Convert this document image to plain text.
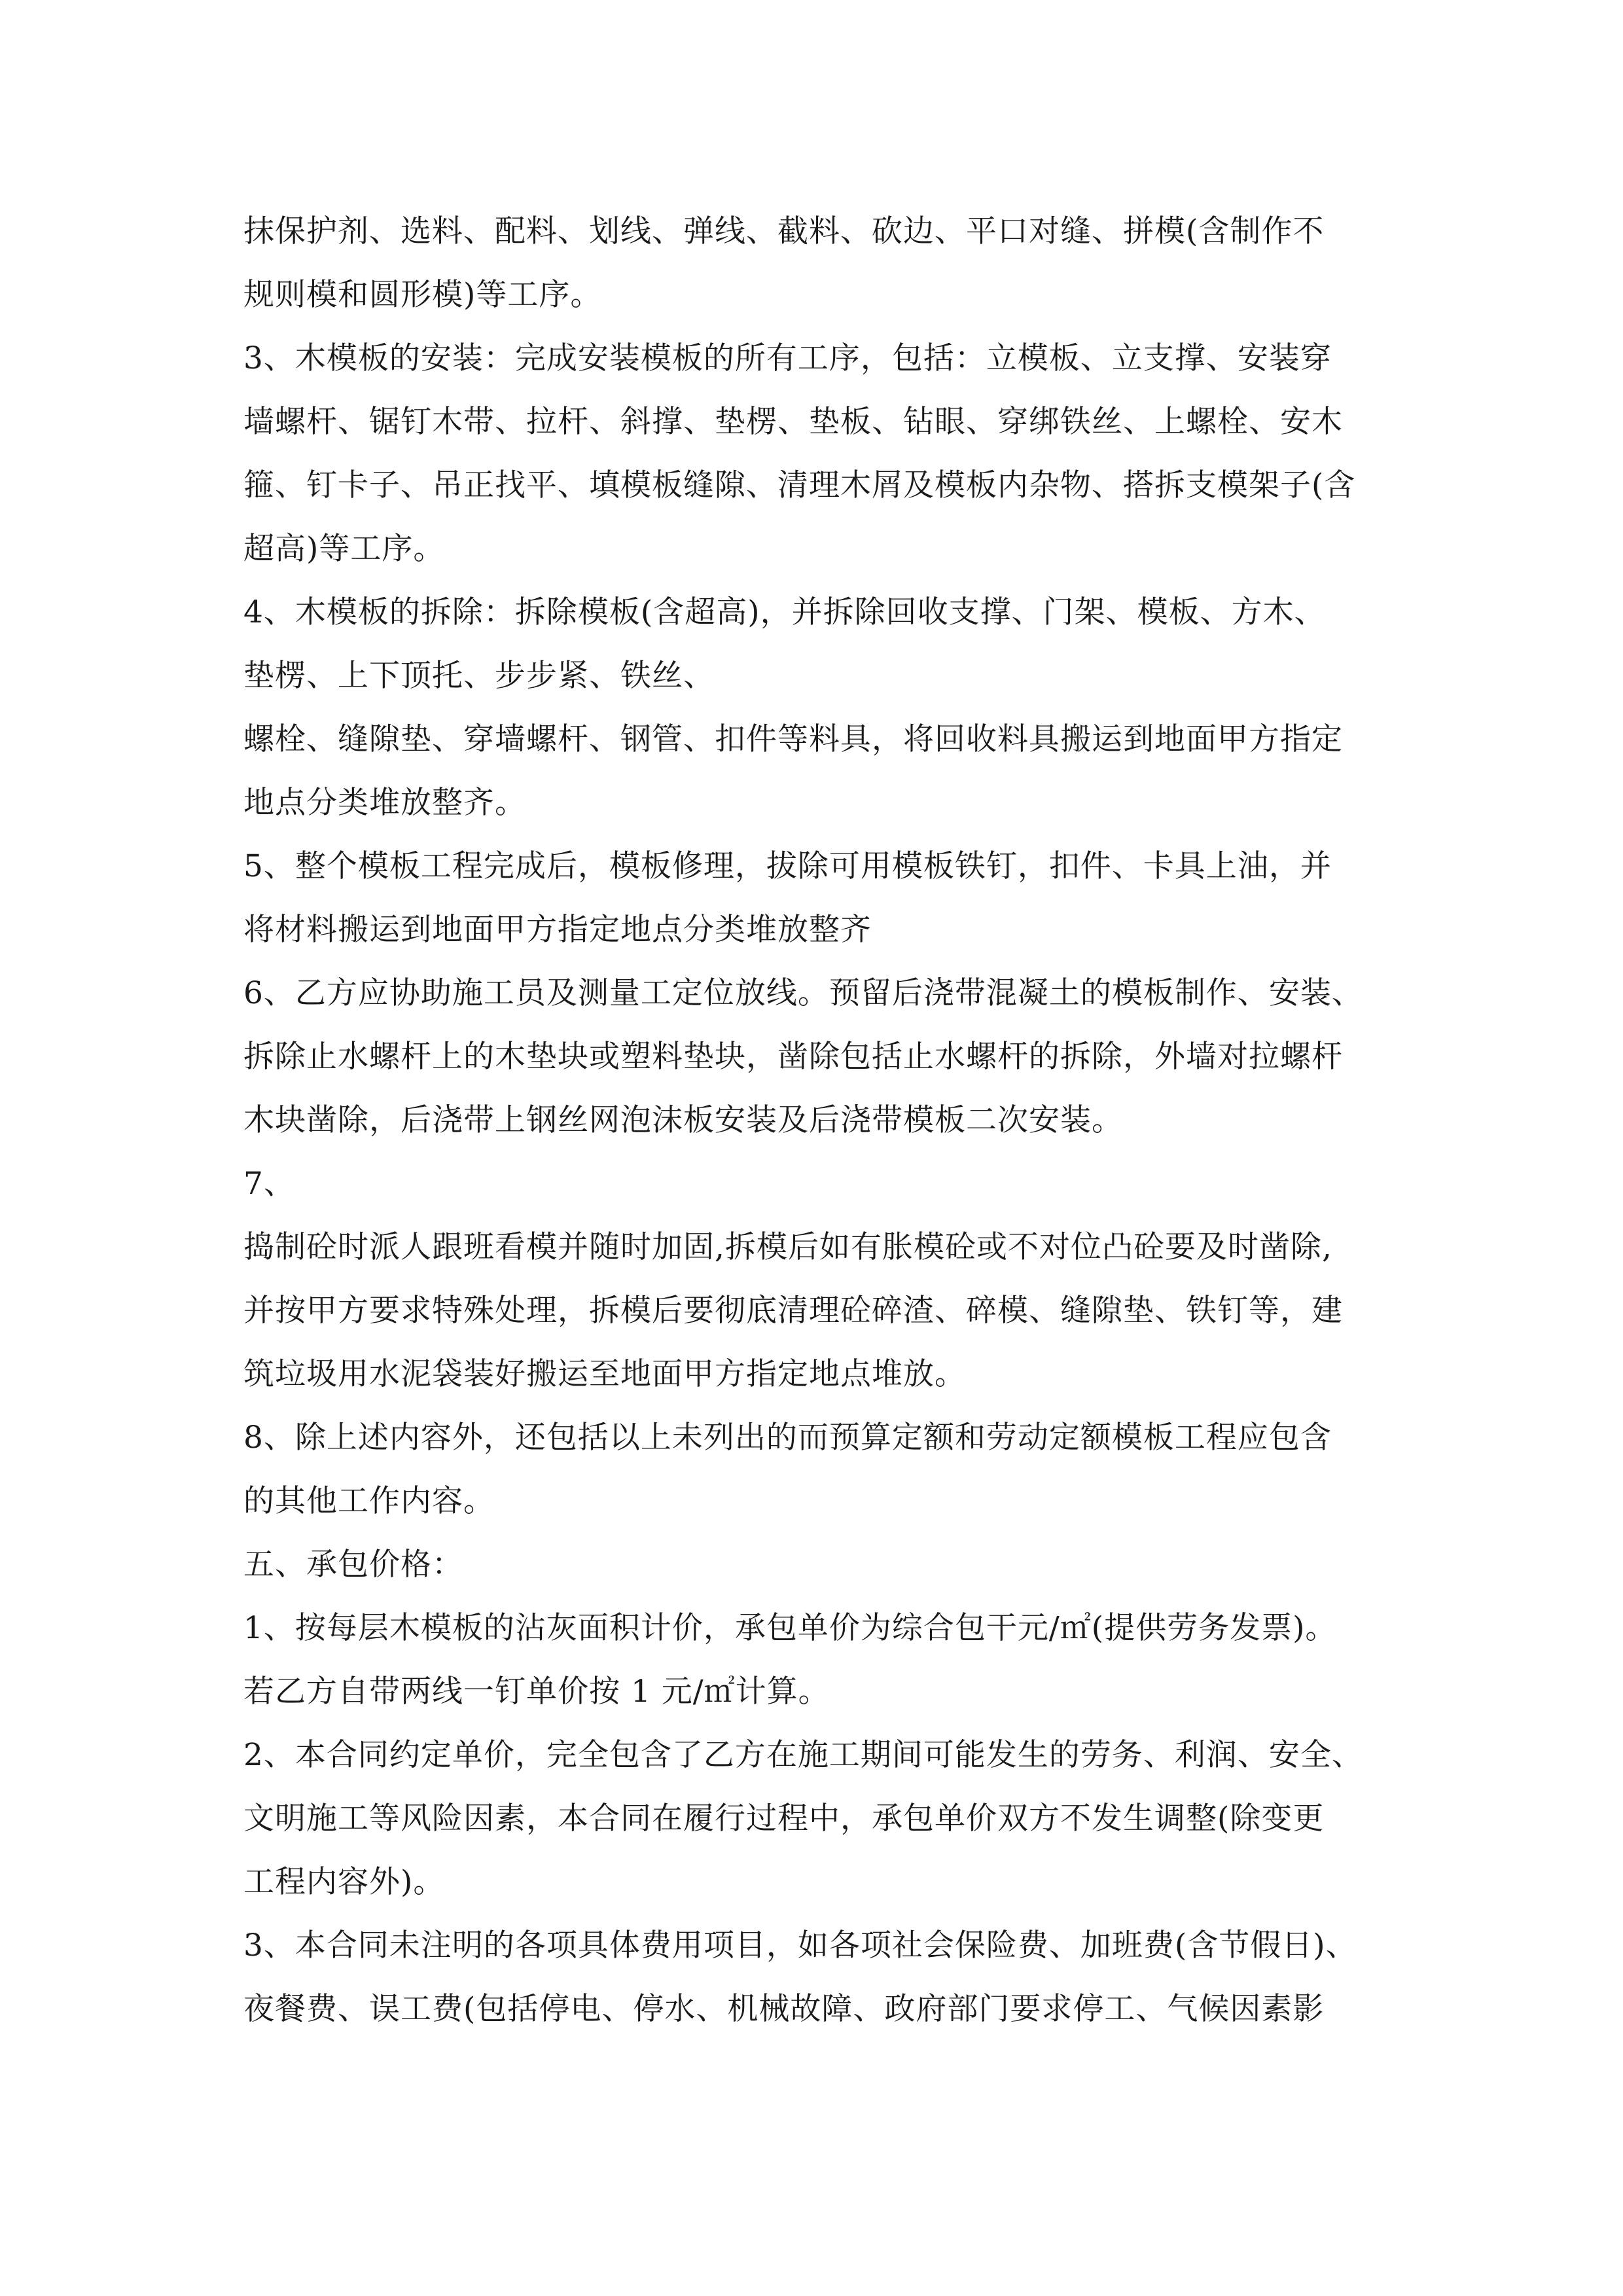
抹保护剂、选料、配料、划线、弹线、截料、砍边、平口对缝、拼模(含制作不
规则模和圆形模)等工序。
3、木模板的安装：完成安装模板的所有工序，包括：立模板、立支撑、安装穿
墙螺杆、锯钉木带、拉杆、斜撑、垫楞、垫板、钻眼、穿绑铁丝、上螺栓、安木
箍、钉卡子、吊正找平、填模板缝隙、清理木屑及模板内杂物、搭拆支模架子(含
超高)等工序。
4、木模板的拆除：拆除模板(含超高)，并拆除回收支撑、门架、模板、方木、
垫楞、上下顶托、步步紧、铁丝、
螺栓、缝隙垫、穿墙螺杆、钢管、扣件等料具，将回收料具搬运到地面甲方指定
地点分类堆放整齐。
5、整个模板工程完成后，模板修理，拔除可用模板铁钉，扣件、卡具上油，并
将材料搬运到地面甲方指定地点分类堆放整齐
6、乙方应协助施工员及测量工定位放线。预留后浇带混凝土的模板制作、安装、
拆除止水螺杆上的木垫块或塑料垫块，凿除包括止水螺杆的拆除，外墙对拉螺杆
木块凿除，后浇带上钢丝网泡沫板安装及后浇带模板二次安装。
7、
捣制砼时派人跟班看模并随时加固,拆模后如有胀模砼或不对位凸砼要及时凿除,
并按甲方要求特殊处理，拆模后要彻底清理砼碎渣、碎模、缝隙垫、铁钉等，建
筑垃圾用水泥袋装好搬运至地面甲方指定地点堆放。
8、除上述内容外，还包括以上未列出的而预算定额和劳动定额模板工程应包含
的其他工作内容。
五、承包价格：
1、按每层木模板的沾灰面积计价，承包单价为综合包干元/㎡(提供劳务发票)。
若乙方自带两线一钉单价按 1 元/㎡计算。
2、本合同约定单价，完全包含了乙方在施工期间可能发生的劳务、利润、安全、
文明施工等风险因素，本合同在履行过程中，承包单价双方不发生调整(除变更
工程内容外)。
3、本合同未注明的各项具体费用项目，如各项社会保险费、加班费(含节假日)、
夜餐费、误工费(包括停电、停水、机械故障、政府部门要求停工、气候因素影
